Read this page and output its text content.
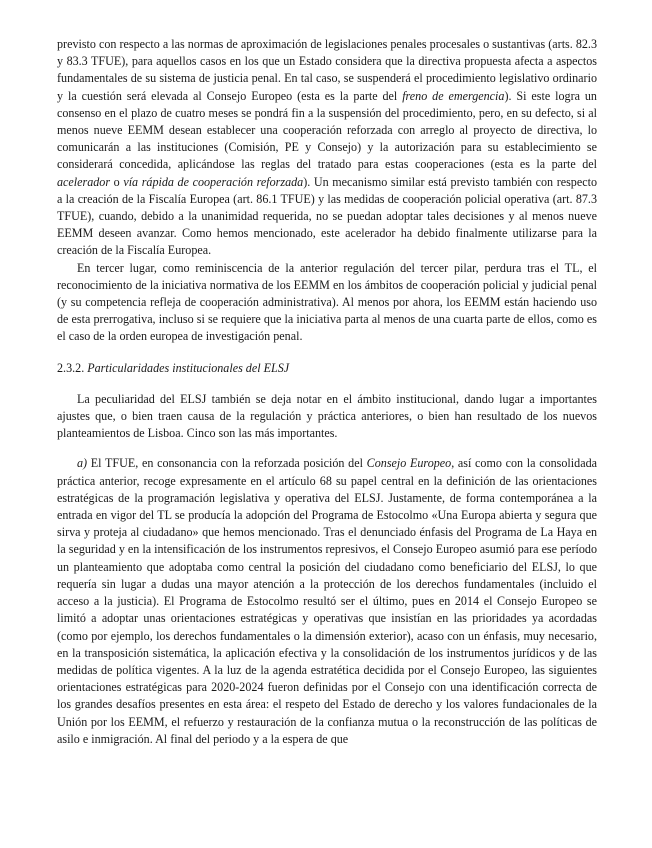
previsto con respecto a las normas de aproximación de legislaciones penales procesales o sustantivas (arts. 82.3 y 83.3 TFUE), para aquellos casos en los que un Estado considera que la directiva propuesta afecta a aspectos fundamentales de su sistema de justicia penal. En tal caso, se suspenderá el procedimiento legislativo ordinario y la cuestión será elevada al Consejo Europeo (esta es la parte del freno de emergencia). Si este logra un consenso en el plazo de cuatro meses se pondrá fin a la suspensión del procedimiento, pero, en su defecto, si al menos nueve EEMM desean establecer una cooperación reforzada con arreglo al proyecto de directiva, lo comunicarán a las instituciones (Comisión, PE y Consejo) y la autorización para su establecimiento se considerará concedida, aplicándose las reglas del tratado para estas cooperaciones (esta es la parte del acelerador o vía rápida de cooperación reforzada). Un mecanismo similar está previsto también con respecto a la creación de la Fiscalía Europea (art. 86.1 TFUE) y las medidas de cooperación policial operativa (art. 87.3 TFUE), cuando, debido a la unanimidad requerida, no se puedan adoptar tales decisiones y al menos nueve EEMM deseen avanzar. Como hemos mencionado, este acelerador ha debido finalmente utilizarse para la creación de la Fiscalía Europea.

En tercer lugar, como reminiscencia de la anterior regulación del tercer pilar, perdura tras el TL, el reconocimiento de la iniciativa normativa de los EEMM en los ámbitos de cooperación policial y judicial penal (y su competencia refleja de cooperación administrativa). Al menos por ahora, los EEMM están haciendo uso de esta prerrogativa, incluso si se requiere que la iniciativa parta al menos de una cuarta parte de ellos, como es el caso de la orden europea de investigación penal.

2.3.2. Particularidades institucionales del ELSJ

La peculiaridad del ELSJ también se deja notar en el ámbito institucional, dando lugar a importantes ajustes que, o bien traen causa de la regulación y práctica anteriores, o bien han resultado de los nuevos planteamientos de Lisboa. Cinco son las más importantes.

a) El TFUE, en consonancia con la reforzada posición del Consejo Europeo, así como con la consolidada práctica anterior, recoge expresamente en el artículo 68 su papel central en la definición de las orientaciones estratégicas de la programación legislativa y operativa del ELSJ. Justamente, de forma contemporánea a la entrada en vigor del TL se producía la adopción del Programa de Estocolmo «Una Europa abierta y segura que sirva y proteja al ciudadano» que hemos mencionado. Tras el denunciado énfasis del Programa de La Haya en la seguridad y en la intensificación de los instrumentos represivos, el Consejo Europeo asumió para ese período un planteamiento que adoptaba como central la posición del ciudadano como beneficiario del ELSJ, lo que requería sin lugar a dudas una mayor atención a la protección de los derechos fundamentales (incluido el acceso a la justicia). El Programa de Estocolmo resultó ser el último, pues en 2014 el Consejo Europeo se limitó a adoptar unas orientaciones estratégicas y operativas que insistían en las prioridades ya acordadas (como por ejemplo, los derechos fundamentales o la dimensión exterior), acaso con un énfasis, muy necesario, en la transposición sistemática, la aplicación efectiva y la consolidación de los instrumentos jurídicos y de las medidas de política vigentes. A la luz de la agenda estratética decidida por el Consejo Europeo, las siguientes orientaciones estratégicas para 2020-2024 fueron definidas por el Consejo con una identificación correcta de los grandes desafíos presentes en esta área: el respeto del Estado de derecho y los valores fundacionales de la Unión por los EEMM, el refuerzo y restauración de la confianza mutua o la reconstrucción de las políticas de asilo e inmigración. Al final del periodo y a la espera de que
